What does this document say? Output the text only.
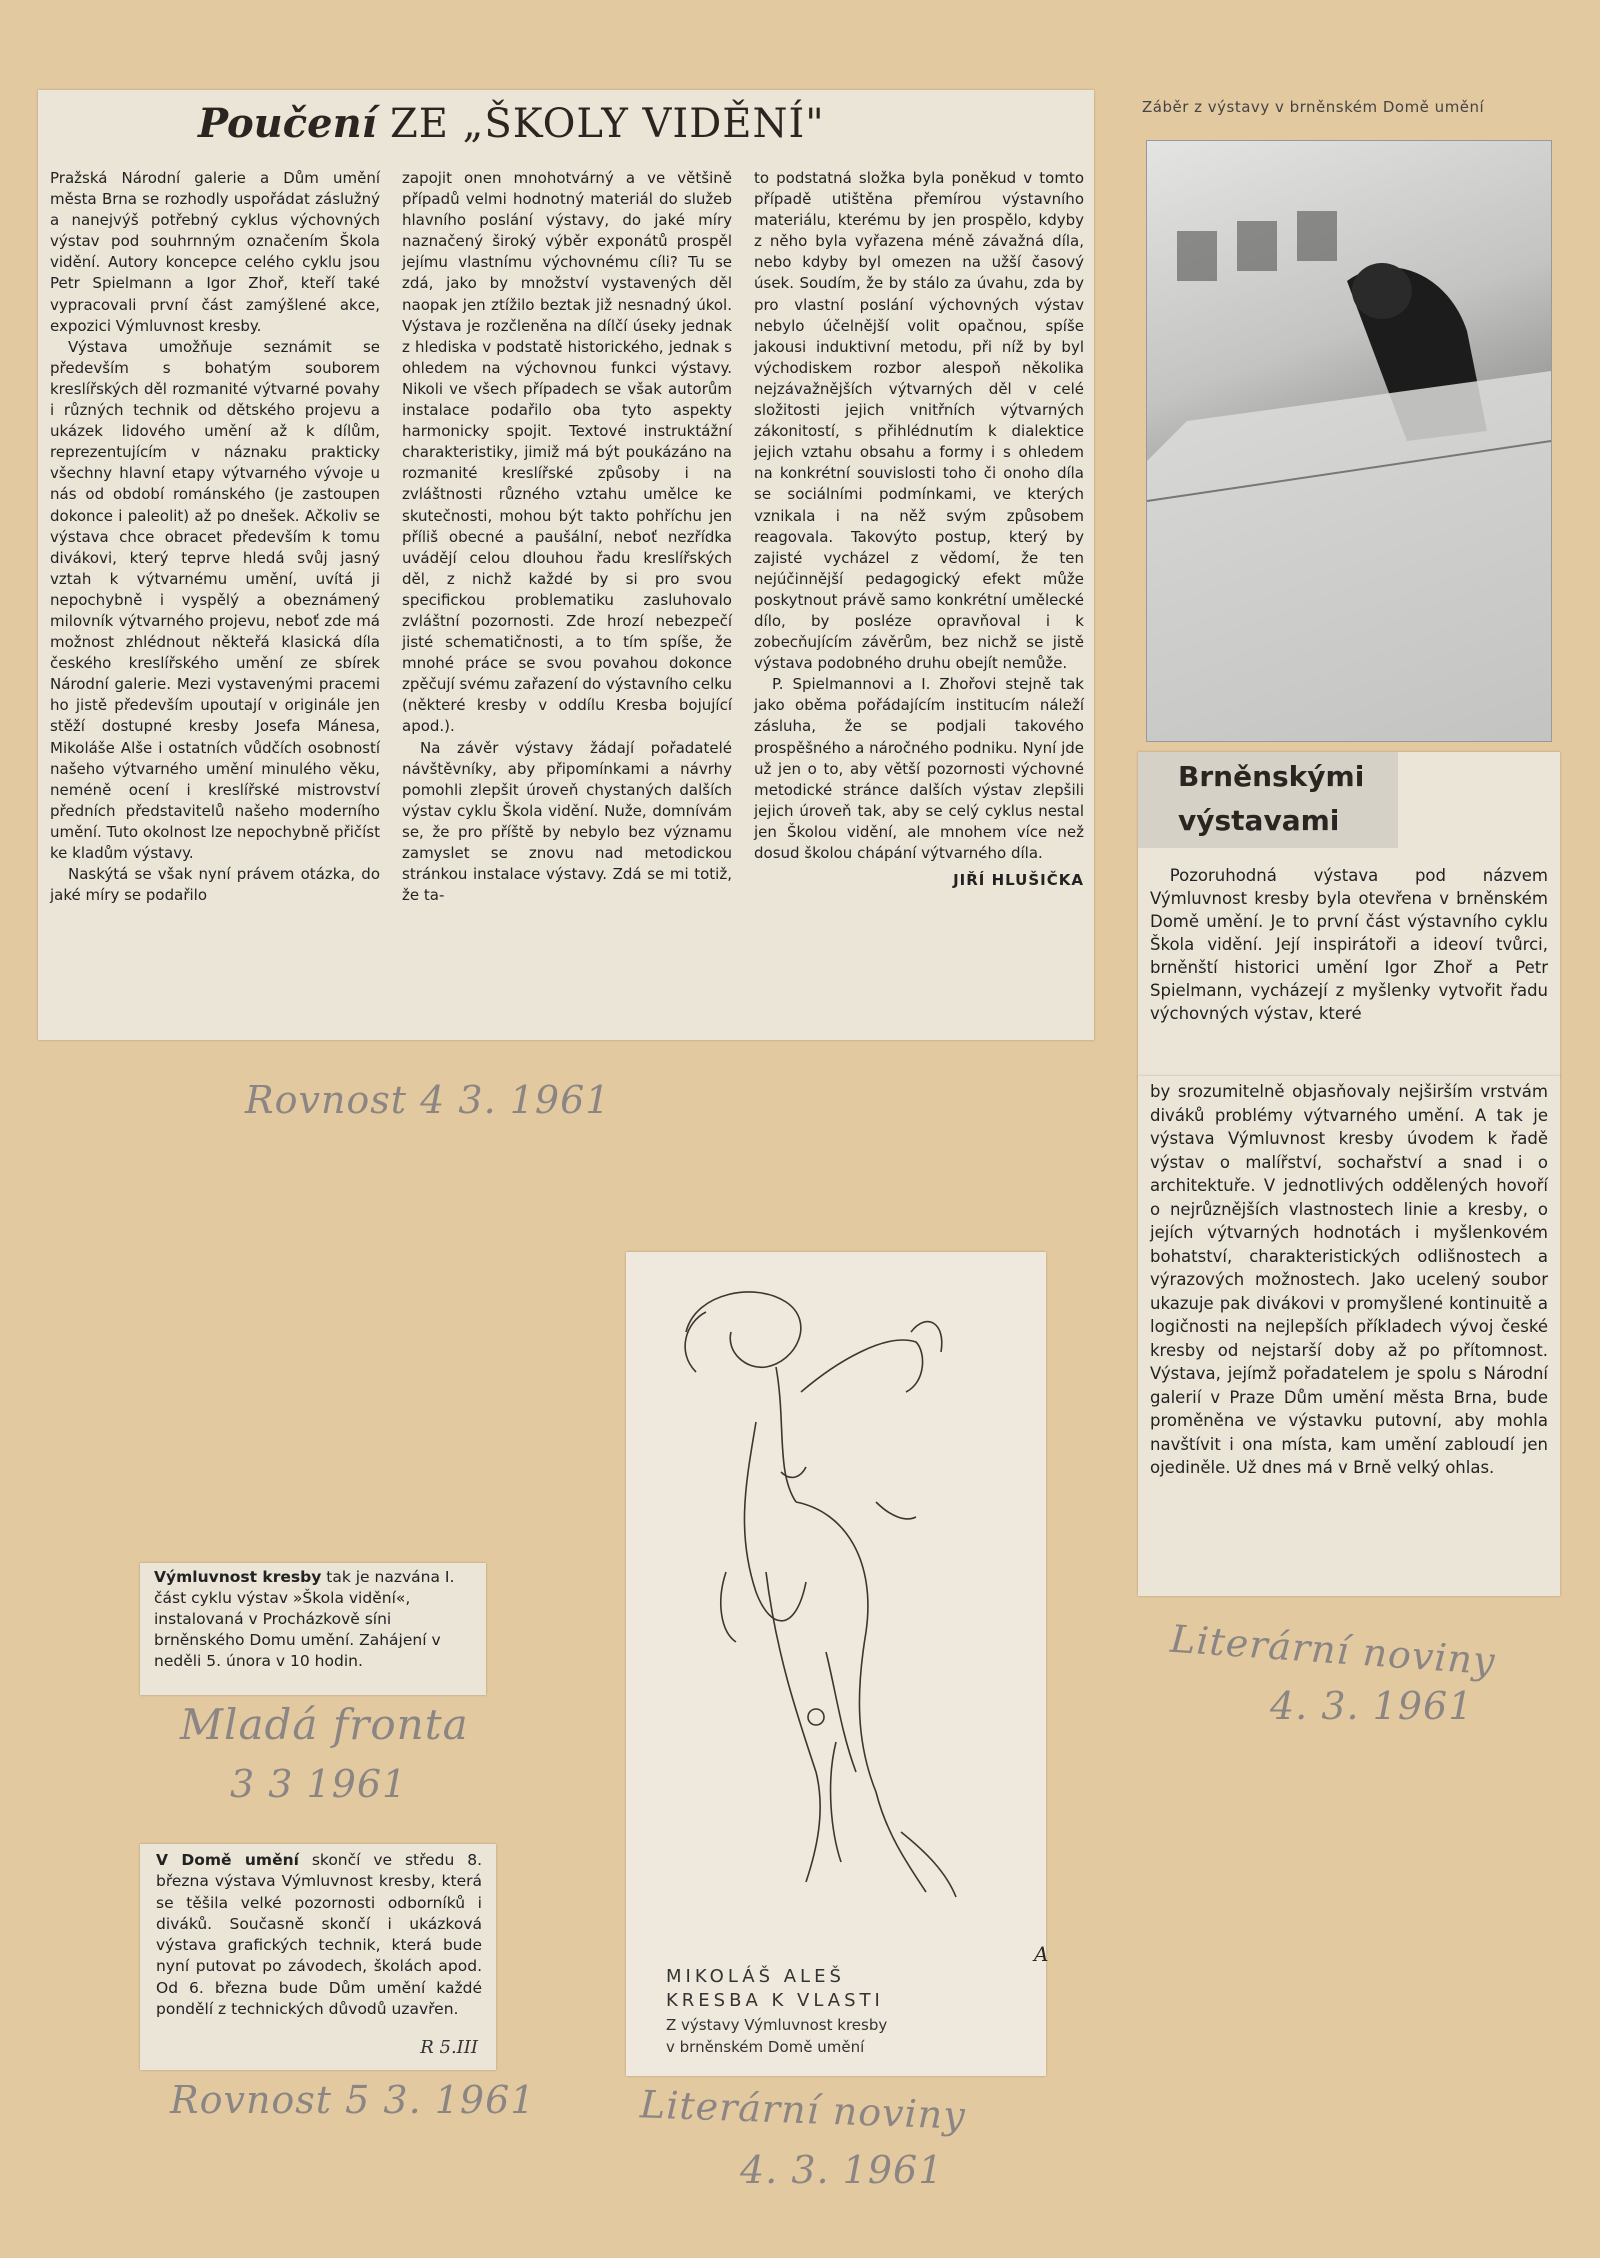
Poučení ZE „ŠKOLY VIDĚNÍ"

Pražská Národní galerie a Dům umění města Brna se rozhodly uspořádat záslužný a nanejvýš potřebný cyklus výchovných výstav pod souhrnným označením Škola vidění. Autory koncepce celého cyklu jsou Petr Spielmann a Igor Zhoř, kteří také vypracovali první část zamýšlené akce, expozici Výmluvnost kresby.

Výstava umožňuje seznámit se především s bohatým souborem kreslířských děl rozmanité výtvarné povahy i různých technik od dětského projevu a ukázek lidového umění až k dílům, reprezentujícím v náznaku prakticky všechny hlavní etapy výtvarného vývoje u nás od období románského (je zastoupen dokonce i paleolit) až po dnešek. Ačkoliv se výstava chce obracet především k tomu divákovi, který teprve hledá svůj jasný vztah k výtvarnému umění, uvítá ji nepochybně i vyspělý a obeznámený milovník výtvarného projevu, neboť zde má možnost zhlédnout někteřá klasická díla českého kreslířského umění ze sbírek Národní galerie. Mezi vystavenými pracemi ho jistě především upoutají v originále jen stěží dostupné kresby Josefa Mánesa, Mikoláše Alše i ostatních vůdčích osobností našeho výtvarného umění minulého věku, neméně ocení i kreslířské mistrovství předních představitelů našeho moderního umění. Tuto okolnost lze nepochybně přičíst ke kladům výstavy.

Naskýtá se však nyní právem otázka, do jaké míry se podařilo

zapojit onen mnohotvárný a ve většině případů velmi hodnotný materiál do služeb hlavního poslání výstavy, do jaké míry naznačený široký výběr exponátů prospěl jejímu vlastnímu výchovnému cíli? Tu se zdá, jako by množství vystavených děl naopak jen ztížilo beztak již nesnadný úkol. Výstava je rozčleněna na dílčí úseky jednak z hlediska v podstatě historického, jednak s ohledem na výchovnou funkci výstavy. Nikoli ve všech případech se však autorům instalace podařilo oba tyto aspekty harmonicky spojit. Textové instruktážní charakteristiky, jimiž má být poukázáno na rozmanité kreslířské způsoby i na zvláštnosti různého vztahu umělce ke skutečnosti, mohou být takto pohříchu jen příliš obecné a paušální, neboť nezřídka uvádějí celou dlouhou řadu kreslířských děl, z nichž každé by si pro svou specifickou problematiku zasluhovalo zvláštní pozornosti. Zde hrozí nebezpečí jisté schematičnosti, a to tím spíše, že mnohé práce se svou povahou dokonce zpěčují svému zařazení do výstavního celku (některé kresby v oddílu Kresba bojující apod.).

Na závěr výstavy žádají pořadatelé návštěvníky, aby připomínkami a návrhy pomohli zlepšit úroveň chystaných dalších výstav cyklu Škola vidění. Nuže, domnívám se, že pro příště by nebylo bez významu zamyslet se znovu nad metodickou stránkou instalace výstavy. Zdá se mi totiž, že ta-

to podstatná složka byla poněkud v tomto případě utištěna přemírou výstavního materiálu, kterému by jen prospělo, kdyby z něho byla vyřazena méně závažná díla, nebo kdyby byl omezen na užší časový úsek. Soudím, že by stálo za úvahu, zda by pro vlastní poslání výchovných výstav nebylo účelnější volit opačnou, spíše jakousi induktivní metodu, při níž by byl východiskem rozbor alespoň několika nejzávažnějších výtvarných děl v celé složitosti jejich vnitřních výtvarných zákonitostí, s přihlédnutím k dialektice jejich vztahu obsahu a formy i s ohledem na konkrétní souvislosti toho či onoho díla se sociálními podmínkami, ve kterých vznikala i na něž svým způsobem reagovala. Takovýto postup, který by zajisté vycházel z vědomí, že ten nejúčinnější pedagogický efekt může poskytnout právě samo konkrétní umělecké dílo, by posléze opravňoval i k zobecňujícím závěrům, bez nichž se jistě výstava podobného druhu obejít nemůže.

P. Spielmannovi a I. Zhořovi stejně tak jako oběma pořádajícím institucím náleží zásluha, že se podjali takového prospěšného a náročného podniku. Nyní jde už jen o to, aby větší pozornosti výchovné metodické stránce dalších výstav zlepšili jejich úroveň tak, aby se celý cyklus nestal jen Školou vidění, ale mnohem více než dosud školou chápání výtvarného díla.

JIŘÍ HLUŠIČKA
Rovnost 4 3. 1961
Záběr z výstavy v brněnském Domě umění
Brněnskými
výstavami
Pozoruhodná výstava pod názvem Výmluvnost kresby byla otevřena v brněnském Domě umění. Je to první část výstavního cyklu Škola vidění. Její inspirátoři a ideoví tvůrci, brněnští historici umění Igor Zhoř a Petr Spielmann, vycházejí z myšlenky vytvořit řadu výchovných výstav, které
by srozumitelně objasňovaly nejširším vrstvám diváků problémy výtvarného umění. A tak je výstava Výmluvnost kresby úvodem k řadě výstav o malířství, sochařství a snad i o architektuře. V jednotlivých oddělených hovoří o nejrůznějších vlastnostech linie a kresby, o jejích výtvarných hodnotách i myšlenkovém bohatství, charakteristických odlišnostech a výrazových možnostech. Jako ucelený soubor ukazuje pak divákovi v promyšlené kontinuitě a logičnosti na nejlepších příkladech vývoj české kresby od nejstarší doby až po přítomnost. Výstava, jejímž pořadatelem je spolu s Národní galerií v Praze Dům umění města Brna, bude proměněna ve výstavku putovní, aby mohla navštívit i ona místa, kam umění zabloudí jen ojediněle. Už dnes má v Brně velký ohlas.
Literární noviny
4. 3. 1961
Výmluvnost kresby tak je nazvána I. část cyklu výstav »Škola vidění«, instalovaná v Procházkově síni brněnského Domu umění. Zahájení v neděli 5. února v 10 hodin.
Mladá fronta
3 3 1961
V Domě umění skončí ve středu 8. března výstava Výmluvnost kresby, která se těšila velké pozornosti odborníků i diváků. Současně skončí i ukázková výstava grafických technik, která bude nyní putovat po závodech, školách apod. Od 6. března bude Dům umění každé pondělí z technických důvodů uzavřen.
R 5.III
Rovnost 5 3. 1961
A
MIKOLÁŠ ALEŠ
KRESBA K VLASTI
Z výstavy Výmluvnost kresby
v brněnském Domě umění
Literární noviny
4. 3. 1961
